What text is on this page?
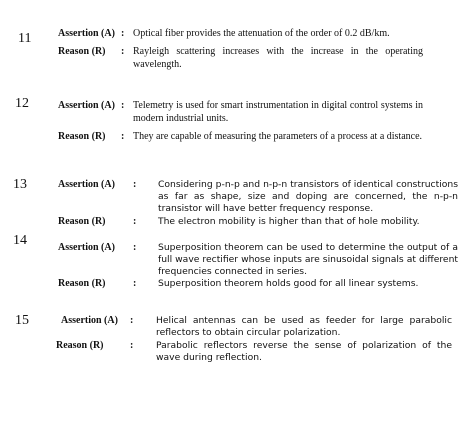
11	Assertion (A) : Optical fiber provides the attenuation of the order of 0.2 dB/km.
Reason (R) : Rayleigh scattering increases with the increase in the operating wavelength.
12	Assertion (A) : Telemetry is used for smart instrumentation in digital control systems in modern industrial units.
Reason (R) : They are capable of measuring the parameters of a process at a distance.
13	Assertion (A) : Considering p-n-p and n-p-n transistors of identical constructions as far as shape, size and doping are concerned, the n-p-n transistor will have better frequency response.
Reason (R)	: The electron mobility is higher than that of hole mobility.
14	Assertion (A) : Superposition theorem can be used to determine the output of a full wave rectifier whose inputs are sinusoidal signals at different frequencies connected in series.
Reason (R)	: Superposition theorem holds good for all linear systems.
15	Assertion (A) : Helical antennas can be used as feeder for large parabolic reflectors to obtain circular polarization.
Reason (R)	: Parabolic reflectors reverse the sense of polarization of the wave during reflection.
